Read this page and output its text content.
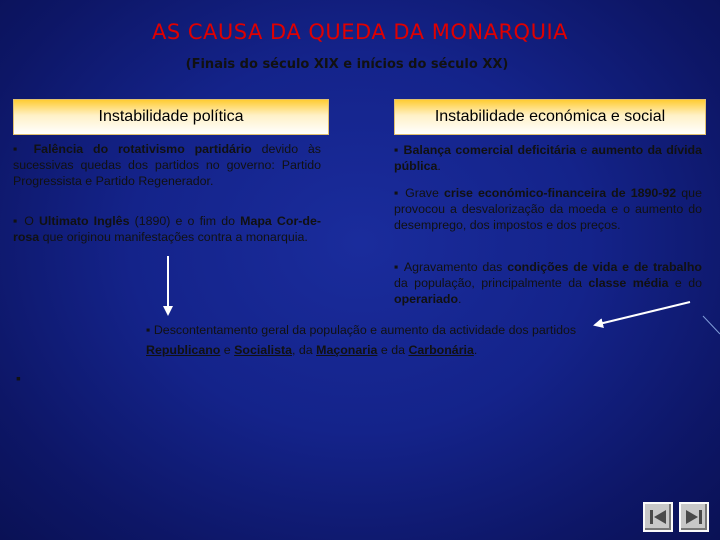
AS CAUSA DA QUEDA DA MONARQUIA
(Finais do século XIX e inícios do século XX)
Instabilidade política	Instabilidade económica e social
▪ Falência do rotativismo partidário devido às sucessivas quedas dos partidos no governo: Partido Progressista e Partido Regenerador.
▪ O Ultimato Inglês (1890) e o fim do Mapa Cor-de-rosa que originou manifestações contra a monarquia.
▪ Balança comercial deficitária e aumento da dívida pública.
▪ Grave crise económico-financeira de 1890-92 que provocou a desvalorização da moeda e o aumento do desemprego, dos impostos e dos preços.
▪ Agravamento das condições de vida e de trabalho da população, principalmente da classe média e do operariado.
▪ Descontentamento geral da população e aumento da actividade dos partidos Republicano e Socialista, da Maçonaria e da Carbonária.
▪
